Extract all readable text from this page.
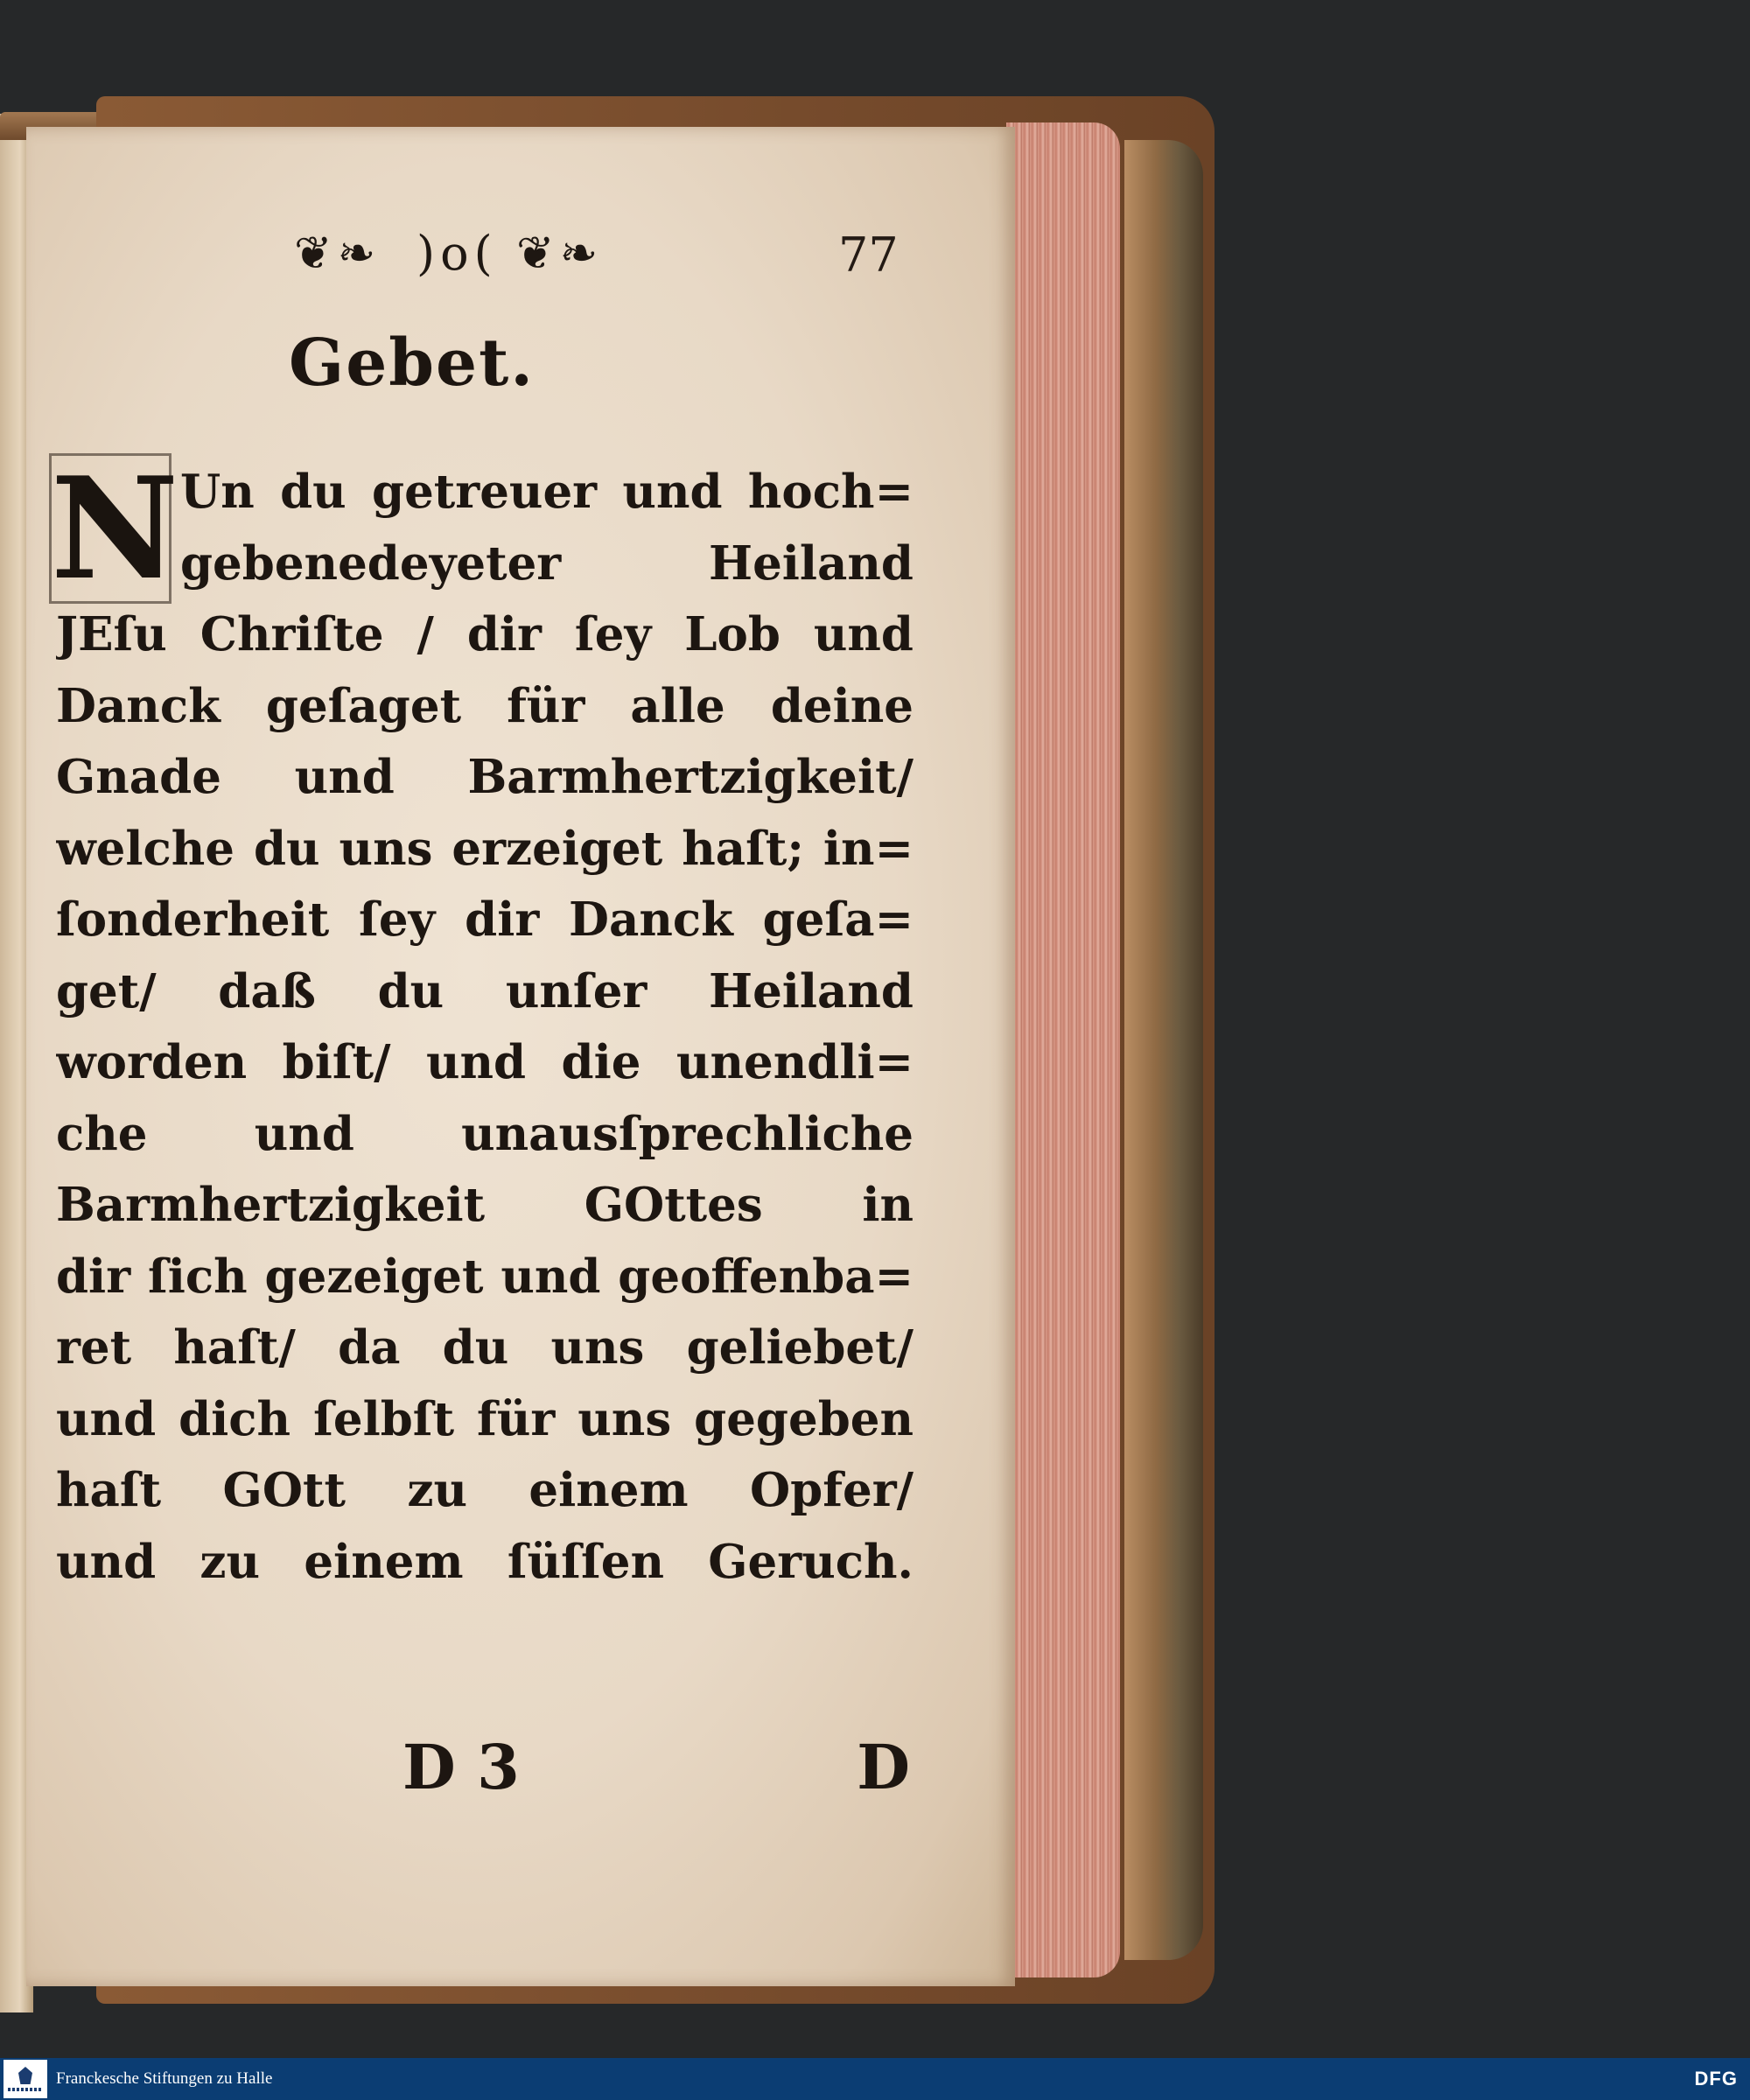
❦❧ )o( ❦❧	77
Gebet.
N Un du getreuer und hoch=
gebenedeyeter Heiland
JEſu Chriſte / dir ſey Lob und
Danck geſaget für alle deine
Gnade und Barmhertzigkeit/
welche du uns erzeiget haſt; in=
ſonderheit ſey dir Danck geſa=
get/ daß du unſer Heiland
worden biſt/ und die unendli=
che und unausſprechliche
Barmhertzigkeit GOttes in
dir ſich gezeiget und geoffenba=
ret haſt/ da du uns geliebet/
und dich ſelbſt für uns gegeben
haſt GOtt zu einem Opfer/
und zu einem ſüſſen Geruch.
D 3	D
Franckesche Stiftungen zu Halle	DFG
